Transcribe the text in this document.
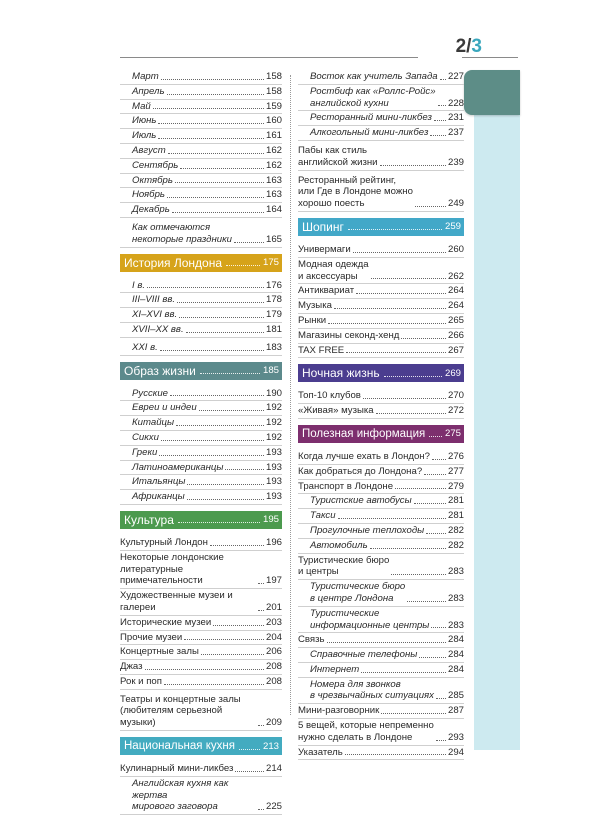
2/3
Март	158
Апрель	158
Май	159
Июнь	160
Июль	161
Август	162
Сентябрь	162
Октябрь	163
Ноябрь	163
Декабрь	164
Как отмечаются
некоторые праздники	165
История Лондона	175
I в.	176
III–VIII вв.	178
XI–XVI вв.	179
XVII–XX вв.	181
XXI в.	183
Образ жизни	185
Русские	190
Евреи и индеи	192
Китайцы	192
Сикхи	192
Греки	193
Латиноамериканцы	193
Итальянцы	193
Африканцы	193
Культура	195
Культурный Лондон	196
Некоторые лондонские
литературные примечательности	197
Художественные музеи и галереи	201
Исторические музеи	203
Прочие музеи	204
Концертные залы	206
Джаз	208
Рок и поп	208
Театры и концертные залы
(любителям серьезной музыки)	209
Национальная кухня	213
Кулинарный мини-ликбез	214
Английская кухня как жертва
мирового заговора	225
Восток как учитель Запада 227
Ростбиф как «Роллс-Ройс»
английской кухни	228
Ресторанный мини-ликбез 231
Алкогольный мини-ликбез 237
Пабы как стиль
английской жизни	239
Ресторанный рейтинг,
или Где в Лондоне можно
хорошо поесть	249
Шопинг	259
Универмаги	260
Модная одежда
и аксессуары	262
Антиквариат	264
Музыка	264
Рынки	265
Магазины секонд-хенд	266
TAX FREE	267
Ночная жизнь	269
Топ-10 клубов	270
«Живая» музыка	272
Полезная информация 275
Когда лучше ехать в Лондон? 276
Как добраться до Лондона?	277
Транспорт в Лондоне	279
Туристские автобусы	281
Такси	281
Прогулочные теплоходы 282
Автомобиль	282
Туристические бюро
и центры	283
Туристические бюро
в центре Лондона	283
Туристические
информационные центры 283
Связь	284
Справочные телефоны	284
Интернет	284
Номера для звонков
в чрезвычайных ситуациях 285
Мини-разговорник	287
5 вещей, которые непременно
нужно сделать в Лондоне	293
Указатель	294
